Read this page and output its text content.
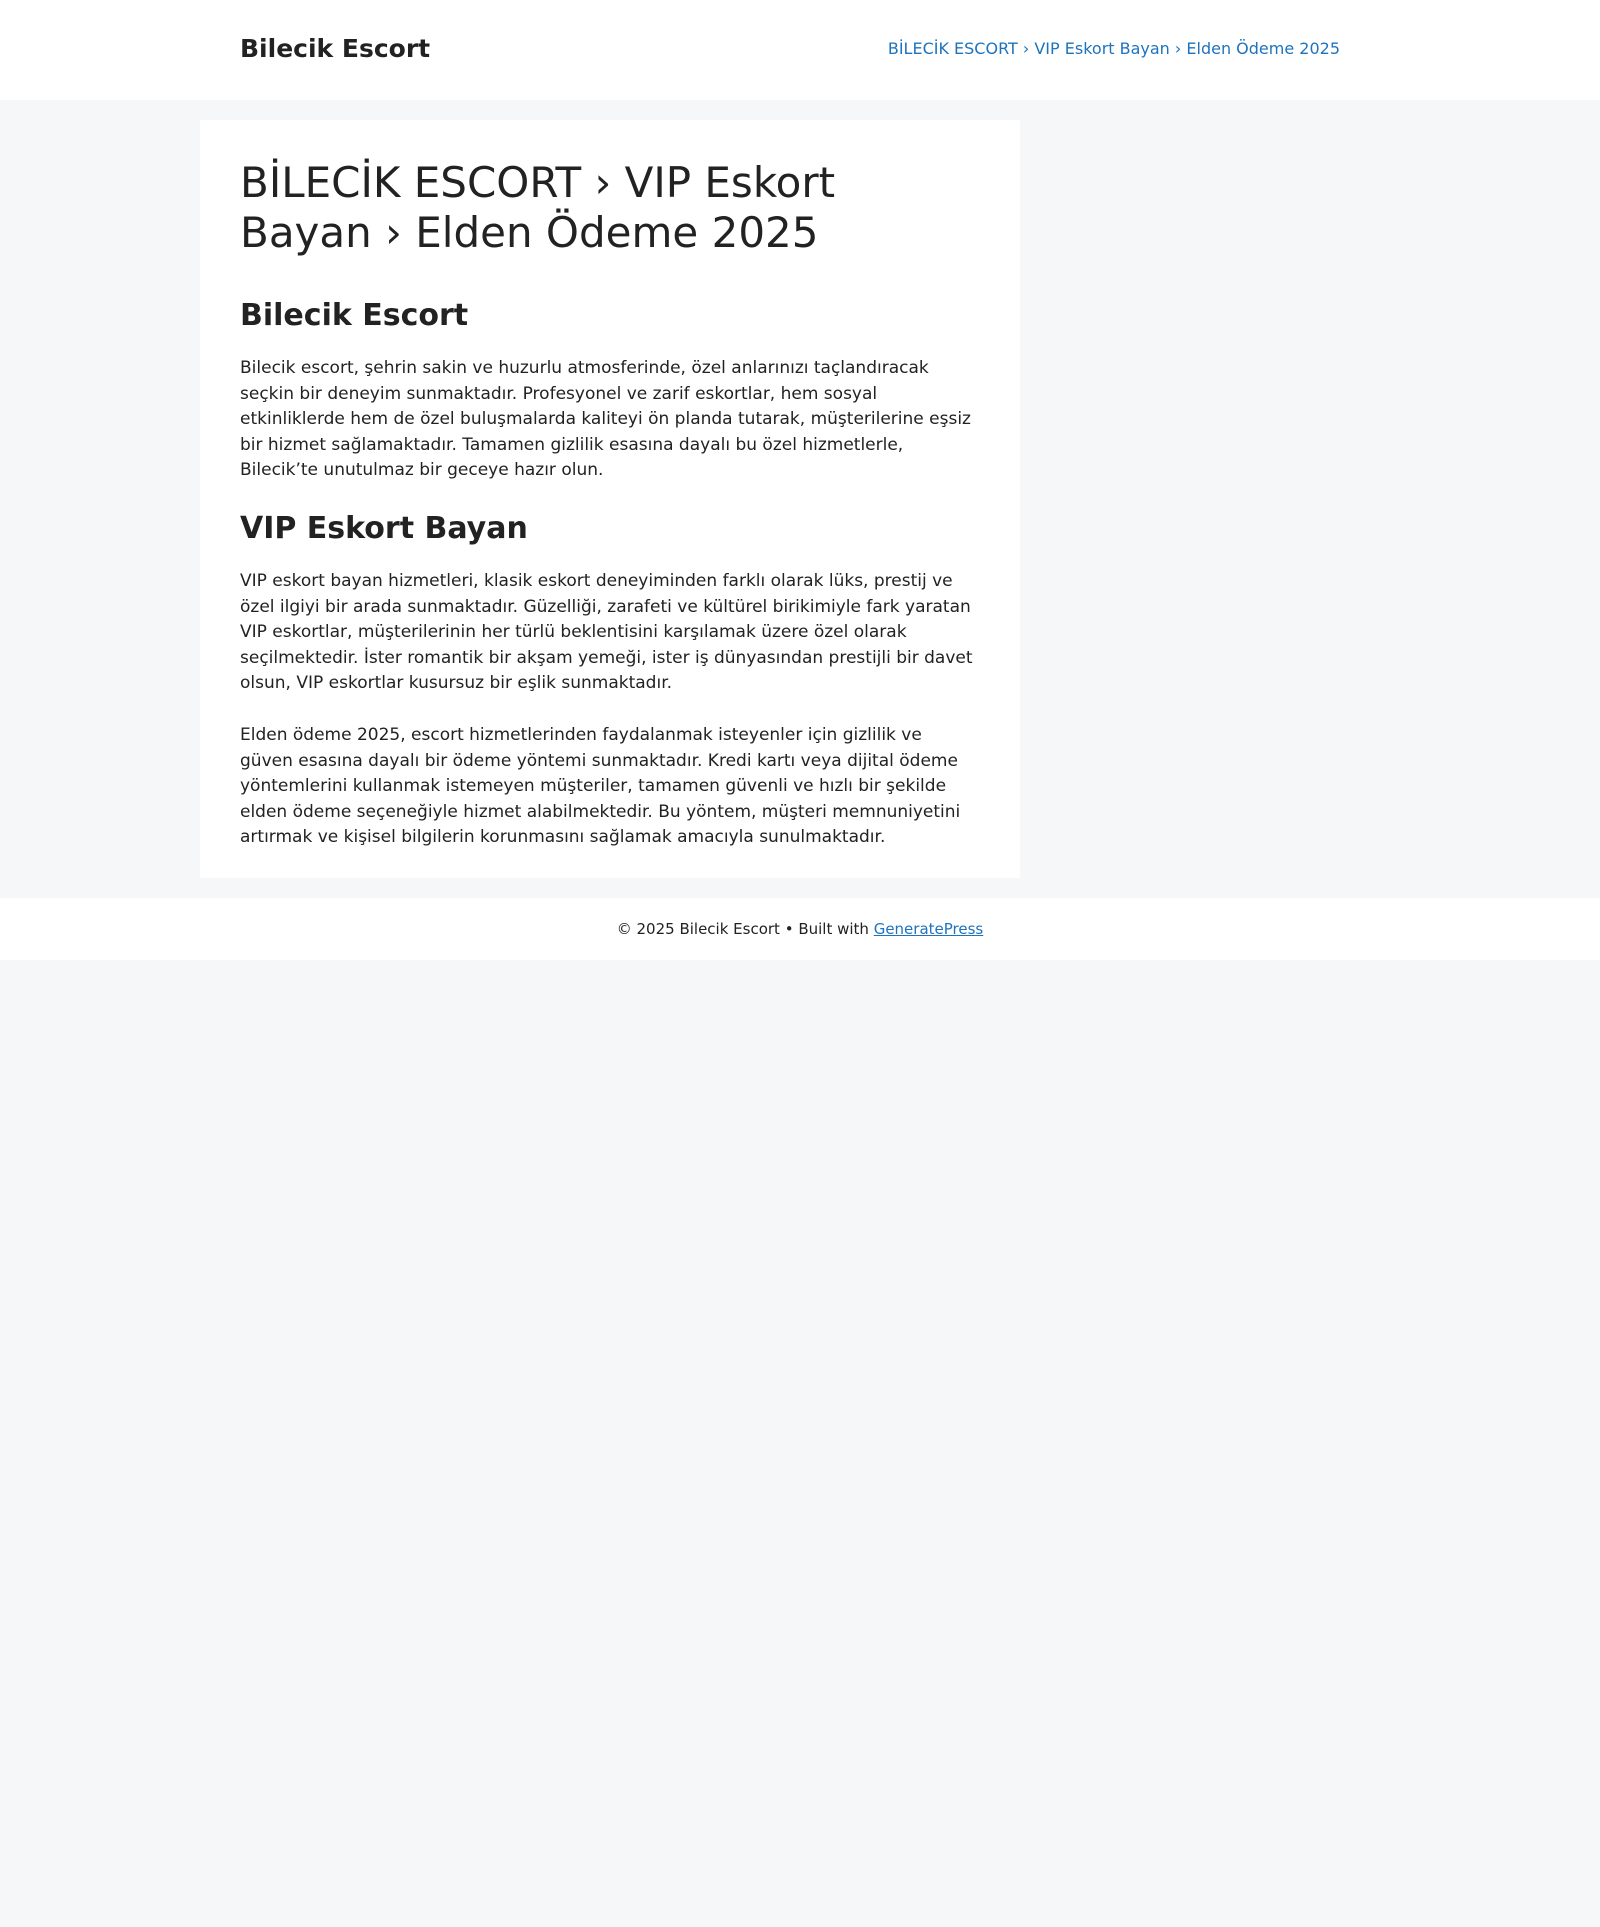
Bilecik Escort	BİLECİK ESCORT › VIP Eskort Bayan › Elden Ödeme 2025
BİLECİK ESCORT › VIP Eskort Bayan › Elden Ödeme 2025
Bilecik Escort

Bilecik escort, şehrin sakin ve huzurlu atmosferinde, özel anlarınızı taçlandıracak seçkin bir deneyim sunmaktadır. Profesyonel ve zarif eskortlar, hem sosyal etkinliklerde hem de özel buluşmalarda kaliteyi ön planda tutarak, müşterilerine eşsiz bir hizmet sağlamaktadır. Tamamen gizlilik esasına dayalı bu özel hizmetlerle, Bilecik’te unutulmaz bir geceye hazır olun.

VIP Eskort Bayan

VIP eskort bayan hizmetleri, klasik eskort deneyiminden farklı olarak lüks, prestij ve özel ilgiyi bir arada sunmaktadır. Güzelliği, zarafeti ve kültürel birikimiyle fark yaratan VIP eskortlar, müşterilerinin her türlü beklentisini karşılamak üzere özel olarak seçilmektedir. İster romantik bir akşam yemeği, ister iş dünyasından prestijli bir davet olsun, VIP eskortlar kusursuz bir eşlik sunmaktadır.

Elden ödeme 2025, escort hizmetlerinden faydalanmak isteyenler için gizlilik ve güven esasına dayalı bir ödeme yöntemi sunmaktadır. Kredi kartı veya dijital ödeme yöntemlerini kullanmak istemeyen müşteriler, tamamen güvenli ve hızlı bir şekilde elden ödeme seçeneğiyle hizmet alabilmektedir. Bu yöntem, müşteri memnuniyetini artırmak ve kişisel bilgilerin korunmasını sağlamak amacıyla sunulmaktadır.

© 2025 Bilecik Escort • Built with GeneratePress
